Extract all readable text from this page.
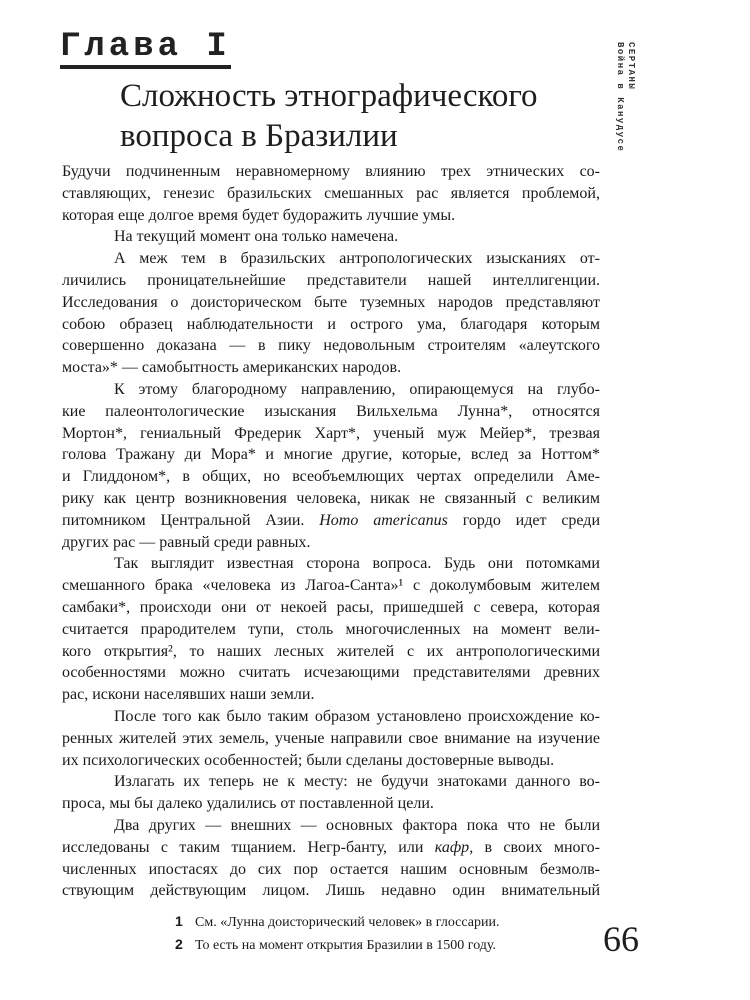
Глава I
Сложность этнографического
вопроса в Бразилии
СЕРТАНЫ
Война в Канудусе
Будучи подчиненным неравномерному влиянию трех этнических со-
ставляющих, генезис бразильских смешанных рас является проблемой,
которая еще долгое время будет будоражить лучшие умы.
На текущий момент она только намечена.
А меж тем в бразильских антропологических изысканиях от-
личились проницательнейшие представители нашей интеллигенции.
Исследования о доисторическом быте туземных народов представляют
собою образец наблюдательности и острого ума, благодаря которым
совершенно доказана — в пику недовольным строителям «алеутского
моста»* — самобытность американских народов.
К этому благородному направлению, опирающемуся на глубо-
кие палеонтологические изыскания Вильхельма Лунна*, относятся
Мортон*, гениальный Фредерик Харт*, ученый муж Мейер*, трезвая
голова Тражану ди Мора* и многие другие, которые, вслед за Ноттом*
и Глиддоном*, в общих, но всеобъемлющих чертах определили Аме-
рику как центр возникновения человека, никак не связанный с великим
питомником Центральной Азии. Homo americanus гордо идет среди
других рас — равный среди равных.
Так выглядит известная сторона вопроса. Будь они потомками
смешанного брака «человека из Лагоа-Санта»¹ с доколумбовым жителем
самбаки*, происходи они от некоей расы, пришедшей с севера, которая
считается прародителем тупи, столь многочисленных на момент вели-
кого открытия², то наших лесных жителей с их антропологическими
особенностями можно считать исчезающими представителями древних
рас, искони населявших наши земли.
После того как было таким образом установлено происхождение ко-
ренных жителей этих земель, ученые направили свое внимание на изучение
их психологических особенностей; были сделаны достоверные выводы.
Излагать их теперь не к месту: не будучи знатоками данного во-
проса, мы бы далеко удалились от поставленной цели.
Два других — внешних — основных фактора пока что не были
исследованы с таким тщанием. Негр-банту, или кафр, в своих много-
численных ипостасях до сих пор остается нашим основным безмолв-
ствующим действующим лицом. Лишь недавно один внимательный
1 См. «Лунна доисторический человек» в глоссарии.
2 То есть на момент открытия Бразилии в 1500 году.	66
